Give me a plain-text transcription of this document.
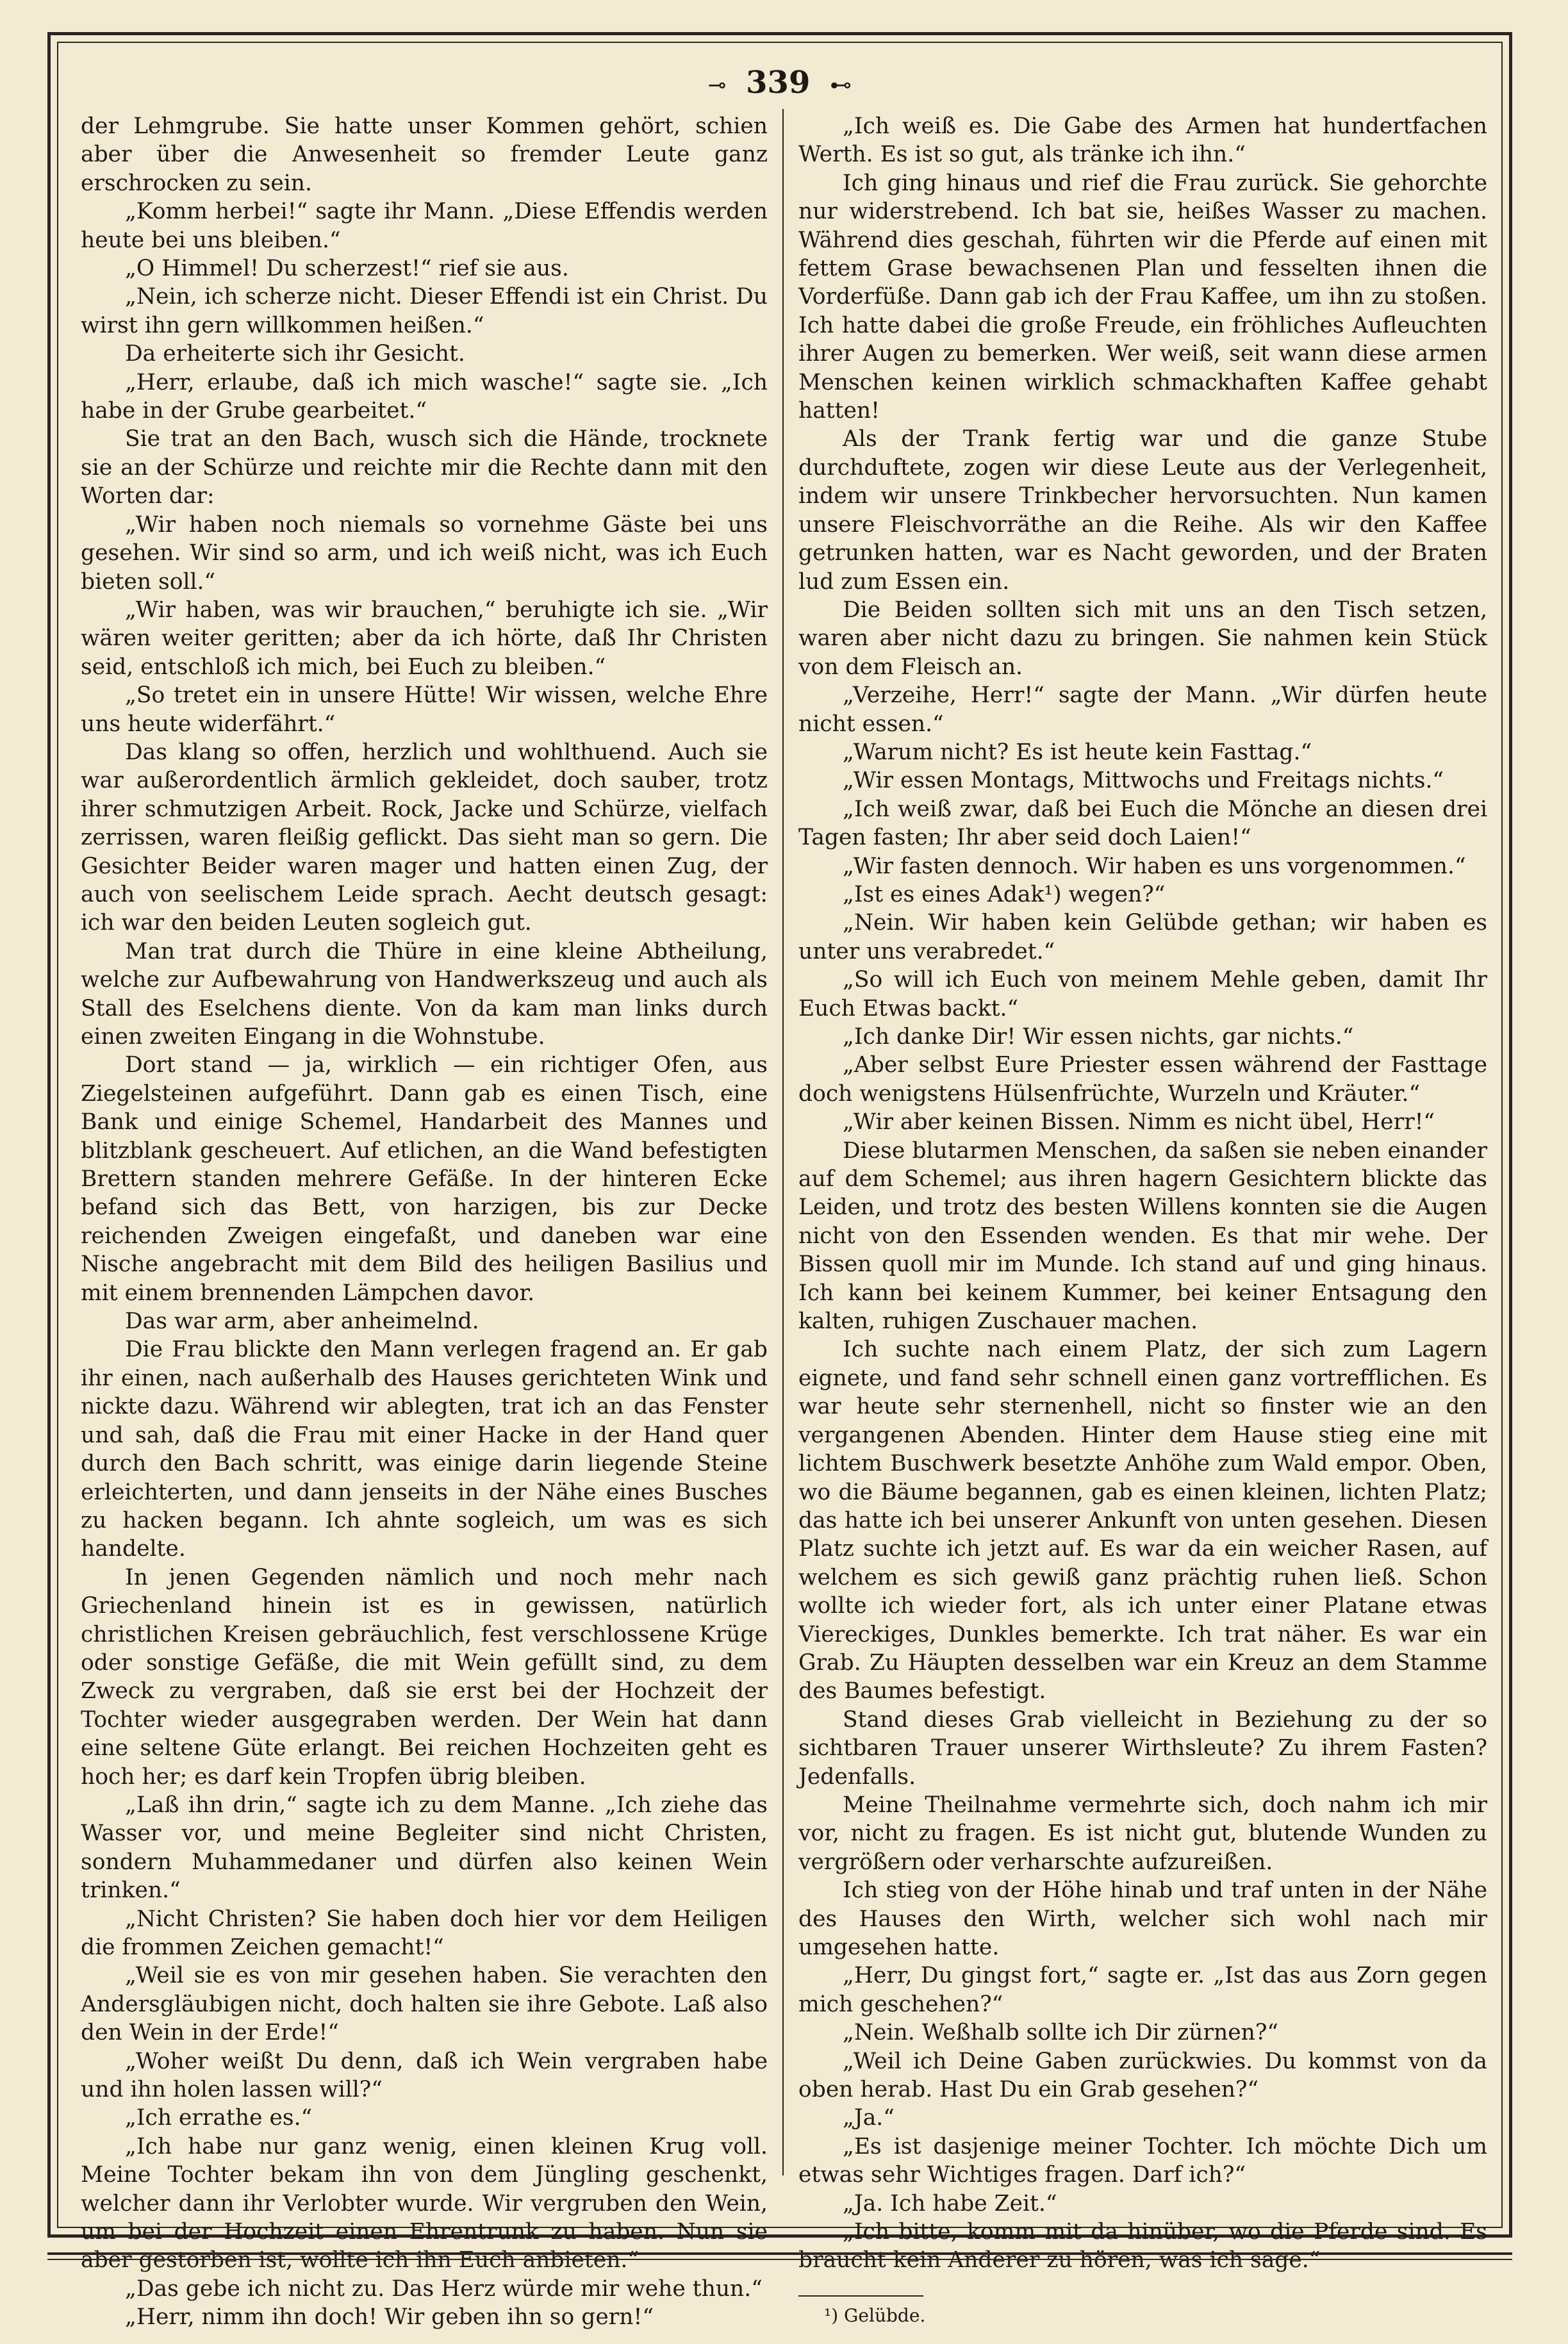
⊸ 339 ⊷

der Lehmgrube. Sie hatte unser Kommen gehört, schien aber über die Anwesenheit so fremder Leute ganz erschrocken zu sein.

„Komm herbei!“ sagte ihr Mann. „Diese Effendis werden heute bei uns bleiben.“

„O Himmel! Du scherzest!“ rief sie aus.

„Nein, ich scherze nicht. Dieser Effendi ist ein Christ. Du wirst ihn gern willkommen heißen.“

Da erheiterte sich ihr Gesicht.

„Herr, erlaube, daß ich mich wasche!“ sagte sie. „Ich habe in der Grube gearbeitet.“

Sie trat an den Bach, wusch sich die Hände, trocknete sie an der Schürze und reichte mir die Rechte dann mit den Worten dar:

„Wir haben noch niemals so vornehme Gäste bei uns gesehen. Wir sind so arm, und ich weiß nicht, was ich Euch bieten soll.“

„Wir haben, was wir brauchen,“ beruhigte ich sie. „Wir wären weiter geritten; aber da ich hörte, daß Ihr Christen seid, entschloß ich mich, bei Euch zu bleiben.“

„So tretet ein in unsere Hütte! Wir wissen, welche Ehre uns heute widerfährt.“

Das klang so offen, herzlich und wohlthuend. Auch sie war außerordentlich ärmlich gekleidet, doch sauber, trotz ihrer schmutzigen Arbeit. Rock, Jacke und Schürze, vielfach zerrissen, waren fleißig geflickt. Das sieht man so gern. Die Gesichter Beider waren mager und hatten einen Zug, der auch von seelischem Leide sprach. Aecht deutsch gesagt: ich war den beiden Leuten sogleich gut.

Man trat durch die Thüre in eine kleine Abtheilung, welche zur Aufbewahrung von Handwerkszeug und auch als Stall des Eselchens diente. Von da kam man links durch einen zweiten Eingang in die Wohnstube.

Dort stand — ja, wirklich — ein richtiger Ofen, aus Ziegelsteinen aufgeführt. Dann gab es einen Tisch, eine Bank und einige Schemel, Handarbeit des Mannes und blitzblank gescheuert. Auf etlichen, an die Wand befestigten Brettern standen mehrere Gefäße. In der hinteren Ecke befand sich das Bett, von harzigen, bis zur Decke reichenden Zweigen eingefaßt, und daneben war eine Nische angebracht mit dem Bild des heiligen Basilius und mit einem brennenden Lämpchen davor.

Das war arm, aber anheimelnd.

Die Frau blickte den Mann verlegen fragend an. Er gab ihr einen, nach außerhalb des Hauses gerichteten Wink und nickte dazu. Während wir ablegten, trat ich an das Fenster und sah, daß die Frau mit einer Hacke in der Hand quer durch den Bach schritt, was einige darin liegende Steine erleichterten, und dann jenseits in der Nähe eines Busches zu hacken begann. Ich ahnte sogleich, um was es sich handelte.

In jenen Gegenden nämlich und noch mehr nach Griechenland hinein ist es in gewissen, natürlich christlichen Kreisen gebräuchlich, fest verschlossene Krüge oder sonstige Gefäße, die mit Wein gefüllt sind, zu dem Zweck zu vergraben, daß sie erst bei der Hochzeit der Tochter wieder ausgegraben werden. Der Wein hat dann eine seltene Güte erlangt. Bei reichen Hochzeiten geht es hoch her; es darf kein Tropfen übrig bleiben.

„Laß ihn drin,“ sagte ich zu dem Manne. „Ich ziehe das Wasser vor, und meine Begleiter sind nicht Christen, sondern Muhammedaner und dürfen also keinen Wein trinken.“

„Nicht Christen? Sie haben doch hier vor dem Heiligen die frommen Zeichen gemacht!“

„Weil sie es von mir gesehen haben. Sie verachten den Andersgläubigen nicht, doch halten sie ihre Gebote. Laß also den Wein in der Erde!“

„Woher weißt Du denn, daß ich Wein vergraben habe und ihn holen lassen will?“

„Ich errathe es.“

„Ich habe nur ganz wenig, einen kleinen Krug voll. Meine Tochter bekam ihn von dem Jüngling geschenkt, welcher dann ihr Verlobter wurde. Wir vergruben den Wein, um bei der Hochzeit einen Ehrentrunk zu haben. Nun sie aber gestorben ist, wollte ich ihn Euch anbieten.“

„Das gebe ich nicht zu. Das Herz würde mir wehe thun.“

„Herr, nimm ihn doch! Wir geben ihn so gern!“

„Ich weiß es. Die Gabe des Armen hat hundertfachen Werth. Es ist so gut, als tränke ich ihn.“

Ich ging hinaus und rief die Frau zurück. Sie gehorchte nur widerstrebend. Ich bat sie, heißes Wasser zu machen. Während dies geschah, führten wir die Pferde auf einen mit fettem Grase bewachsenen Plan und fesselten ihnen die Vorderfüße. Dann gab ich der Frau Kaffee, um ihn zu stoßen. Ich hatte dabei die große Freude, ein fröhliches Aufleuchten ihrer Augen zu bemerken. Wer weiß, seit wann diese armen Menschen keinen wirklich schmackhaften Kaffee gehabt hatten!

Als der Trank fertig war und die ganze Stube durchduftete, zogen wir diese Leute aus der Verlegenheit, indem wir unsere Trinkbecher hervorsuchten. Nun kamen unsere Fleischvorräthe an die Reihe. Als wir den Kaffee getrunken hatten, war es Nacht geworden, und der Braten lud zum Essen ein.

Die Beiden sollten sich mit uns an den Tisch setzen, waren aber nicht dazu zu bringen. Sie nahmen kein Stück von dem Fleisch an.

„Verzeihe, Herr!“ sagte der Mann. „Wir dürfen heute nicht essen.“

„Warum nicht? Es ist heute kein Fasttag.“

„Wir essen Montags, Mittwochs und Freitags nichts.“

„Ich weiß zwar, daß bei Euch die Mönche an diesen drei Tagen fasten; Ihr aber seid doch Laien!“

„Wir fasten dennoch. Wir haben es uns vorgenommen.“

„Ist es eines Adak¹) wegen?“

„Nein. Wir haben kein Gelübde gethan; wir haben es unter uns verabredet.“

„So will ich Euch von meinem Mehle geben, damit Ihr Euch Etwas backt.“

„Ich danke Dir! Wir essen nichts, gar nichts.“

„Aber selbst Eure Priester essen während der Fasttage doch wenigstens Hülsenfrüchte, Wurzeln und Kräuter.“

„Wir aber keinen Bissen. Nimm es nicht übel, Herr!“

Diese blutarmen Menschen, da saßen sie neben einander auf dem Schemel; aus ihren hagern Gesichtern blickte das Leiden, und trotz des besten Willens konnten sie die Augen nicht von den Essenden wenden. Es that mir wehe. Der Bissen quoll mir im Munde. Ich stand auf und ging hinaus. Ich kann bei keinem Kummer, bei keiner Entsagung den kalten, ruhigen Zuschauer machen.

Ich suchte nach einem Platz, der sich zum Lagern eignete, und fand sehr schnell einen ganz vortrefflichen. Es war heute sehr sternenhell, nicht so finster wie an den vergangenen Abenden. Hinter dem Hause stieg eine mit lichtem Buschwerk besetzte Anhöhe zum Wald empor. Oben, wo die Bäume begannen, gab es einen kleinen, lichten Platz; das hatte ich bei unserer Ankunft von unten gesehen. Diesen Platz suchte ich jetzt auf. Es war da ein weicher Rasen, auf welchem es sich gewiß ganz prächtig ruhen ließ. Schon wollte ich wieder fort, als ich unter einer Platane etwas Viereckiges, Dunkles bemerkte. Ich trat näher. Es war ein Grab. Zu Häupten desselben war ein Kreuz an dem Stamme des Baumes befestigt.

Stand dieses Grab vielleicht in Beziehung zu der so sichtbaren Trauer unserer Wirthsleute? Zu ihrem Fasten? Jedenfalls.

Meine Theilnahme vermehrte sich, doch nahm ich mir vor, nicht zu fragen. Es ist nicht gut, blutende Wunden zu vergrößern oder verharschte aufzureißen.

Ich stieg von der Höhe hinab und traf unten in der Nähe des Hauses den Wirth, welcher sich wohl nach mir umgesehen hatte.

„Herr, Du gingst fort,“ sagte er. „Ist das aus Zorn gegen mich geschehen?“

„Nein. Weßhalb sollte ich Dir zürnen?“

„Weil ich Deine Gaben zurückwies. Du kommst von da oben herab. Hast Du ein Grab gesehen?“

„Ja.“

„Es ist dasjenige meiner Tochter. Ich möchte Dich um etwas sehr Wichtiges fragen. Darf ich?“

„Ja. Ich habe Zeit.“

„Ich bitte, komm mit da hinüber, wo die Pferde sind. Es braucht kein Anderer zu hören, was ich sage.“

¹) Gelübde.
